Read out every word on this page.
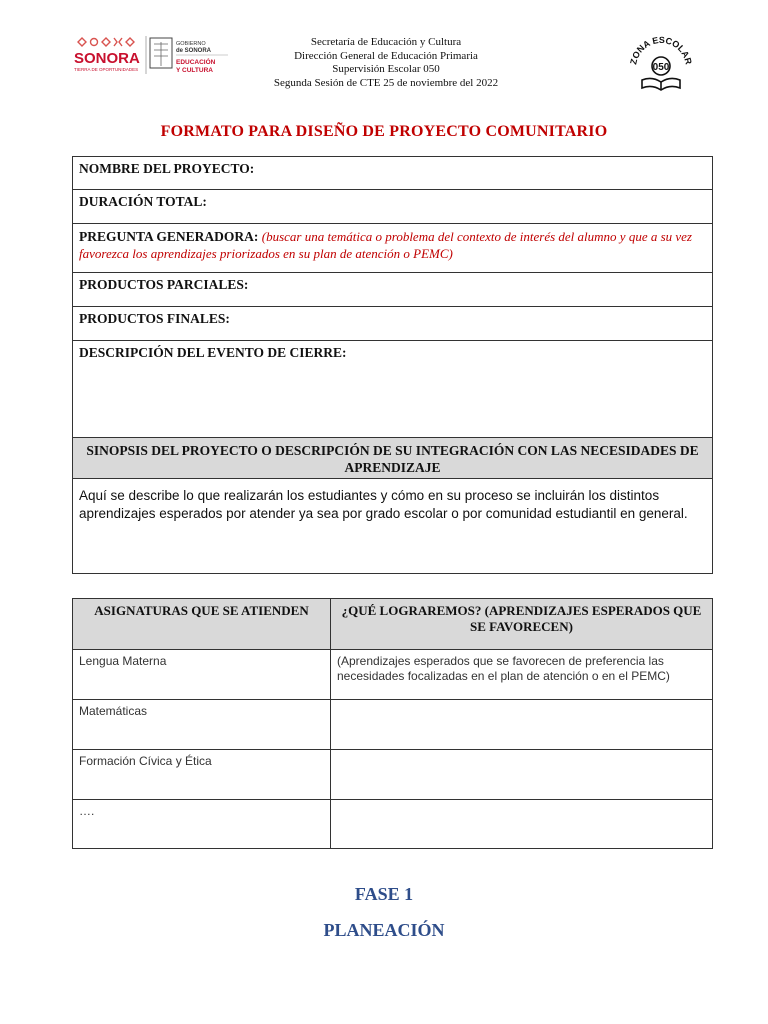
SONORA
TIERRA DE OPORTUNIDADES
GOBIERNO
de SONORA
EDUCACIÓN
Y CULTURA
Secretaría de Educación y Cultura
Dirección General de Educación Primaria
Supervisión Escolar 050
Segunda Sesión de CTE 25 de noviembre del 2022
ZONA ESCOLAR
050
FORMATO PARA DISEÑO DE PROYECTO COMUNITARIO
NOMBRE DEL PROYECTO:
DURACIÓN TOTAL:
PREGUNTA GENERADORA: (buscar una temática o problema del contexto de interés del alumno y que a su vez favorezca los aprendizajes priorizados en su plan de atención o PEMC)
PRODUCTOS PARCIALES:
PRODUCTOS FINALES:
DESCRIPCIÓN DEL EVENTO DE CIERRE:
SINOPSIS DEL PROYECTO O DESCRIPCIÓN DE SU INTEGRACIÓN CON LAS NECESIDADES DE APRENDIZAJE
Aquí se describe lo que realizarán los estudiantes y cómo en su proceso se incluirán los distintos aprendizajes esperados por atender ya sea por grado escolar o por comunidad estudiantil en general.
ASIGNATURAS QUE SE ATIENDEN	¿QUÉ LOGRAREMOS? (APRENDIZAJES ESPERADOS QUE SE FAVORECEN)
Lengua Materna	(Aprendizajes esperados que se favorecen de preferencia las necesidades focalizadas en el plan de atención o en el PEMC)
Matemáticas	
Formación Cívica y Ética	
….	
FASE 1
PLANEACIÓN
